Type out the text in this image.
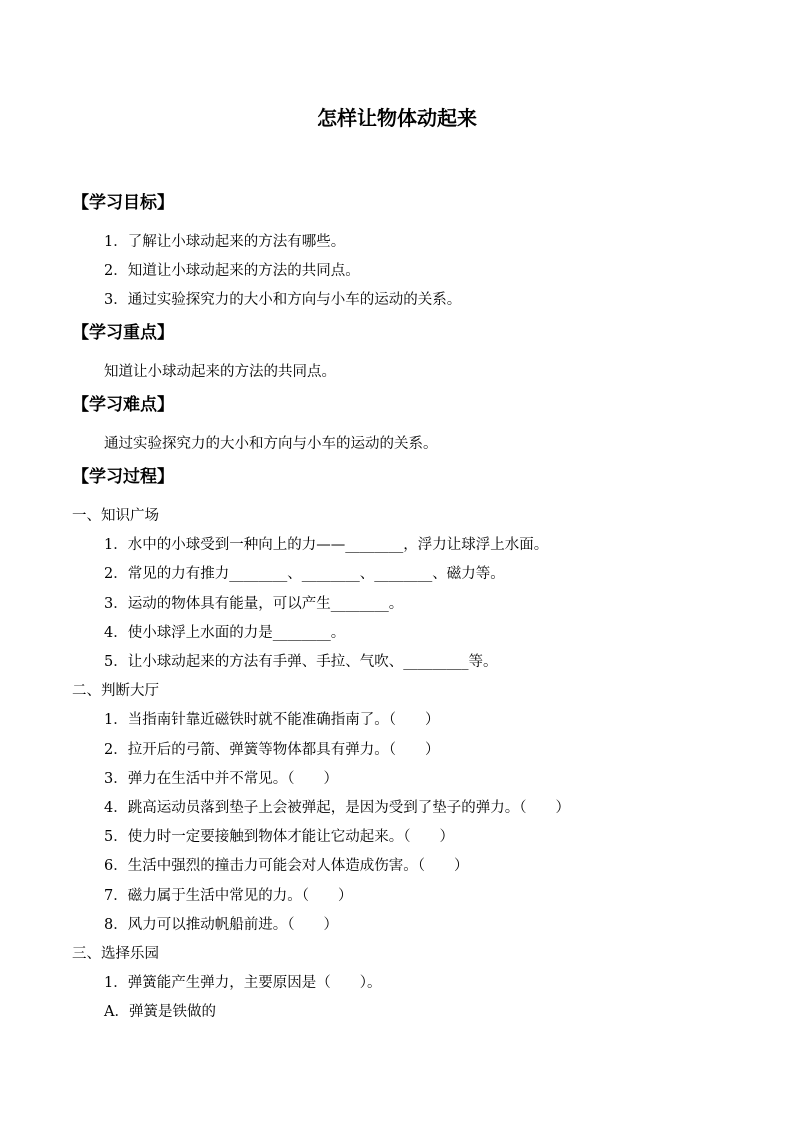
怎样让物体动起来
【学习目标】
1．了解让小球动起来的方法有哪些。
2．知道让小球动起来的方法的共同点。
3．通过实验探究力的大小和方向与小车的运动的关系。
【学习重点】
知道让小球动起来的方法的共同点。
【学习难点】
通过实验探究力的大小和方向与小车的运动的关系。
【学习过程】
一、知识广场
1．水中的小球受到一种向上的力——________，浮力让球浮上水面。
2．常见的力有推力________、________、________、磁力等。
3．运动的物体具有能量，可以产生________。
4．使小球浮上水面的力是________。
5．让小球动起来的方法有手弹、手拉、气吹、_________等。
二、判断大厅
1．当指南针靠近磁铁时就不能准确指南了。（　　）
2．拉开后的弓箭、弹簧等物体都具有弹力。（　　）
3．弹力在生活中并不常见。（　　）
4．跳高运动员落到垫子上会被弹起，是因为受到了垫子的弹力。（　　）
5．使力时一定要接触到物体才能让它动起来。（　　）
6．生活中强烈的撞击力可能会对人体造成伤害。（　　）
7．磁力属于生活中常见的力。（　　）
8．风力可以推动帆船前进。（　　）
三、选择乐园
1．弹簧能产生弹力，主要原因是（　　）。
A．弹簧是铁做的
